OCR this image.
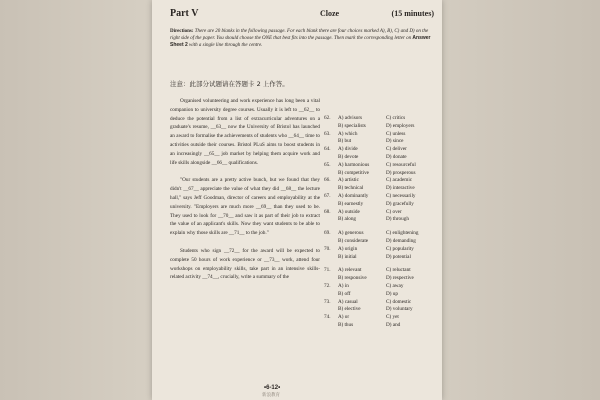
Part V	Cloze	(15 minutes)
Directions: There are 20 blanks in the following passage. For each blank there are four choices marked A), B), C) and D) on the right side of the paper. You should choose the ONE that best fits into the passage. Then mark the corresponding letter on Answer Sheet 2 with a single line through the centre.
注意：此部分试题请在答题卡 2 上作答。

Organised volunteering and work experience has long been a vital companion to university degree courses. Usually it is left to __62__ to deduce the potential from a list of extracurricular adventures on a graduate's resume, __63__ now the University of Bristol has launched an award to formalise the achievements of students who __64__ time to activities outside their courses. Bristol PLuS aims to boost students in an increasingly __65__ job market by helping them acquire work and life skills alongside __66__ qualifications.

"Our students are a pretty active bunch, but we found that they didn't __67__ appreciate the value of what they did __68__ the lecture hall," says Jeff Goodman, director of careers and employability at the university. "Employers are much more __69__ than they used to be. They used to look for __70__ and saw it as part of their job to extract the value of an applicant's skills. Now they want students to be able to explain why those skills are __71__ to the job."

Students who sign __72__ for the award will be expected to complete 50 hours of work experience or __73__ work, attend four workshops on employability skills, take part in an intensive skills-related activity __74__, crucially, write a summary of the

62.	A) advisors	C) critics
B) specialists	D) employers
63.	A) which	C) unless
B) but	D) since
64.	A) divide	C) deliver
B) devote	D) donate
65.	A) harmonious	C) resourceful
B) competitive	D) prosperous
66.	A) artistic	C) academic
B) technical	D) interactive
67.	A) dominantly	C) necessarily
B) earnestly	D) gracefully
68.	A) outside	C) over
B) along	D) through
69.	A) generous	C) enlightening
B) considerate	D) demanding
70.	A) origin	C) popularity
B) initial	D) potential
71.	A) relevant	C) reluctant
B) responsive	D) respective
72.	A) in	C) away
B) off	D) up
73.	A) casual	C) domestic
B) elective	D) voluntary
74.	A) or	C) yet
B) thus	D) and
•6-12•
新浪教育
